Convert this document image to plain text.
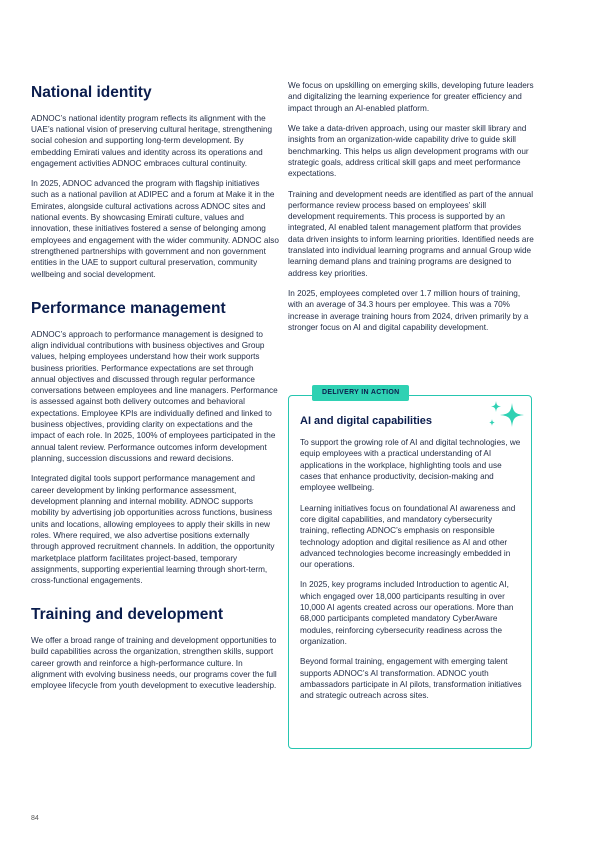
National identity

ADNOC’s national identity program reflects its alignment with the UAE’s national vision of preserving cultural heritage, strengthening social cohesion and supporting long-term development. By embedding Emirati values and identity across its operations and engagement activities ADNOC embraces cultural continuity.

In 2025, ADNOC advanced the program with flagship initiatives such as a national pavilion at ADIPEC and a forum at Make it in the Emirates, alongside cultural activations across ADNOC sites and national events. By showcasing Emirati culture, values and innovation, these initiatives fostered a sense of belonging among employees and engagement with the wider community. ADNOC also strengthened partnerships with government and non government entities in the UAE to support cultural preservation, community wellbeing and social development.

Performance management

ADNOC’s approach to performance management is designed to align individual contributions with business objectives and Group values, helping employees understand how their work supports business priorities. Performance expectations are set through annual objectives and discussed through regular performance conversations between employees and line managers. Performance is assessed against both delivery outcomes and behavioral expectations. Employee KPIs are individually defined and linked to business objectives, providing clarity on expectations and the impact of each role. In 2025, 100% of employees participated in the annual talent review. Performance outcomes inform development planning, succession discussions and reward decisions.

Integrated digital tools support performance management and career development by linking performance assessment, development planning and internal mobility. ADNOC supports mobility by advertising job opportunities across functions, business units and locations, allowing employees to apply their skills in new roles. Where required, we also advertise positions externally through approved recruitment channels. In addition, the opportunity marketplace platform facilitates project-based, temporary assignments, supporting experiential learning through short-term, cross-functional engagements.

Training and development

We offer a broad range of training and development opportunities to build capabilities across the organization, strengthen skills, support career growth and reinforce a high-performance culture. In alignment with evolving business needs, our programs cover the full employee lifecycle from youth development to executive leadership.

We focus on upskilling on emerging skills, developing future leaders and digitalizing the learning experience for greater efficiency and impact through an AI-enabled platform.

We take a data-driven approach, using our master skill library and insights from an organization-wide capability drive to guide skill benchmarking. This helps us align development programs with our strategic goals, address critical skill gaps and meet performance expectations.

Training and development needs are identified as part of the annual performance review process based on employees’ skill development requirements. This process is supported by an integrated, AI enabled talent management platform that provides data driven insights to inform learning priorities. Identified needs are translated into individual learning programs and annual Group wide learning demand plans and training programs are designed to address key priorities.

In 2025, employees completed over 1.7 million hours of training, with an average of 34.3 hours per employee. This was a 70% increase in average training hours from 2024, driven primarily by a stronger focus on AI and digital capability development.

DELIVERY IN ACTION
AI and digital capabilities

To support the growing role of AI and digital technologies, we equip employees with a practical understanding of AI applications in the workplace, highlighting tools and use cases that enhance productivity, decision-making and employee wellbeing.

Learning initiatives focus on foundational AI awareness and core digital capabilities, and mandatory cybersecurity training, reflecting ADNOC’s emphasis on responsible technology adoption and digital resilience as AI and other advanced technologies become increasingly embedded in our operations.

In 2025, key programs included Introduction to agentic AI, which engaged over 18,000 participants resulting in over 10,000 AI agents created across our operations. More than 68,000 participants completed mandatory CyberAware modules, reinforcing cybersecurity readiness across the organization.

Beyond formal training, engagement with emerging talent supports ADNOC’s AI transformation. ADNOC youth ambassadors participate in AI pilots, transformation initiatives and strategic outreach across sites.

84
